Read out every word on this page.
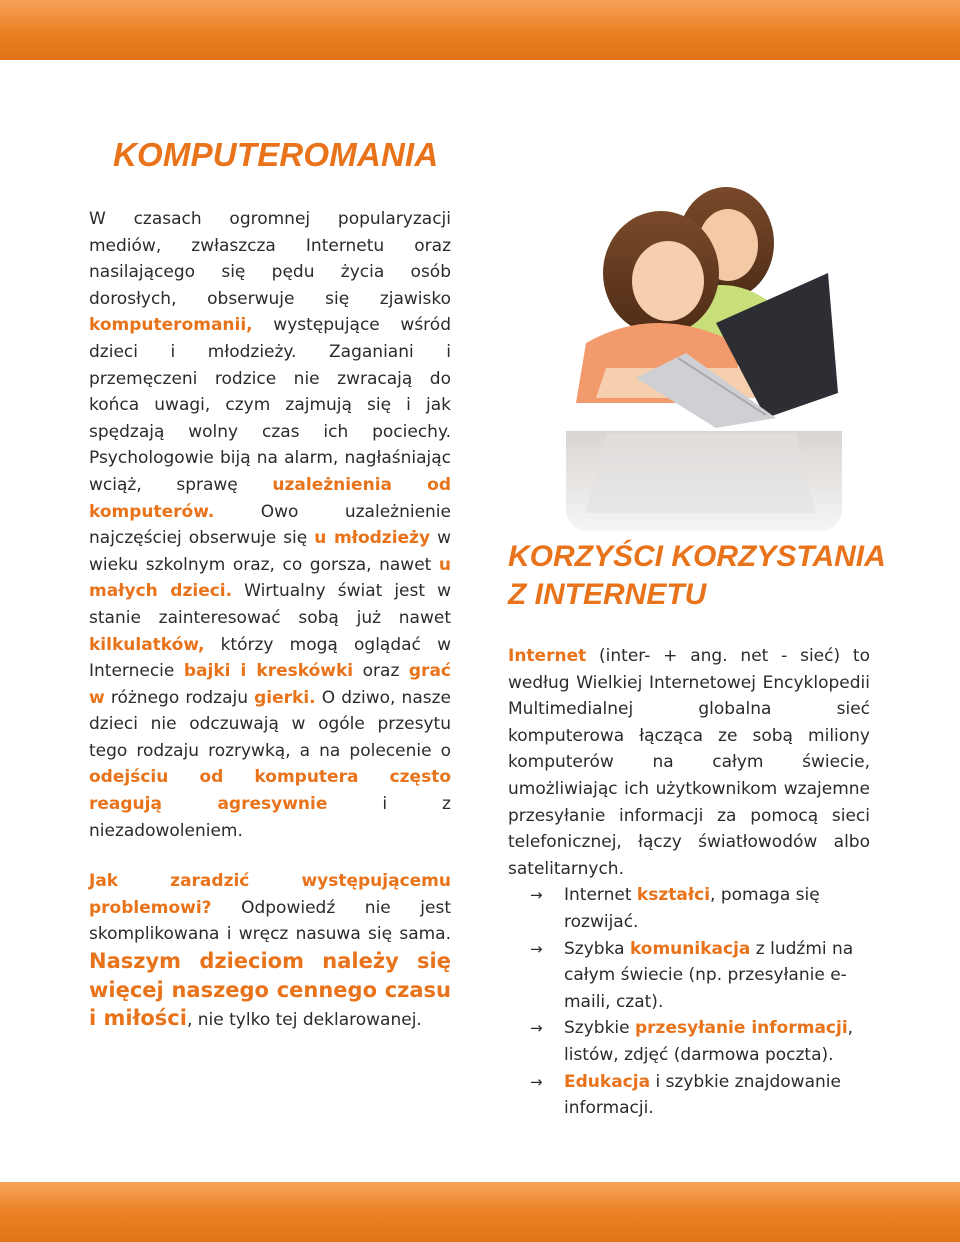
KOMPUTEROMANIA

W czasach ogromnej popularyzacji mediów, zwłaszcza Internetu oraz nasilającego się pędu życia osób dorosłych, obserwuje się zjawisko komputeromanii, występujące wśród dzieci i młodzieży. Zaganiani i przemęczeni rodzice nie zwracają do końca uwagi, czym zajmują się i jak spędzają wolny czas ich pociechy. Psychologowie biją na alarm, nagłaśniając wciąż, sprawę uzależnienia od komputerów. Owo uzależnienie najczęściej obserwuje się u młodzieży w wieku szkolnym oraz, co gorsza, nawet u małych dzieci. Wirtualny świat jest w stanie zainteresować sobą już nawet kilkulatków, którzy mogą oglądać w Internecie bajki i kreskówki oraz grać w różnego rodzaju gierki. O dziwo, nasze dzieci nie odczuwają w ogóle przesytu tego rodzaju rozrywką, a na polecenie o odejściu od komputera często reagują agresywnie i z niezadowoleniem.

Jak zaradzić występującemu problemowi? Odpowiedź nie jest skomplikowana i wręcz nasuwa się sama. Naszym dzieciom należy się więcej naszego cennego czasu i miłości, nie tylko tej deklarowanej.

KORZYŚCI KORZYSTANIA Z INTERNETU

Internet (inter- + ang. net - sieć) to według Wielkiej Internetowej Encyklopedii Multimedialnej globalna sieć komputerowa łącząca ze sobą miliony komputerów na całym świecie, umożliwiając ich użytkownikom wzajemne przesyłanie informacji za pomocą sieci telefonicznej, łączy światłowodów albo satelitarnych.

→ Internet kształci, pomaga się rozwijać.
→ Szybka komunikacja z ludźmi na całym świecie (np. przesyłanie e-maili, czat).
→ Szybkie przesyłanie informacji, listów, zdjęć (darmowa poczta).
→ Edukacja i szybkie znajdowanie informacji.
